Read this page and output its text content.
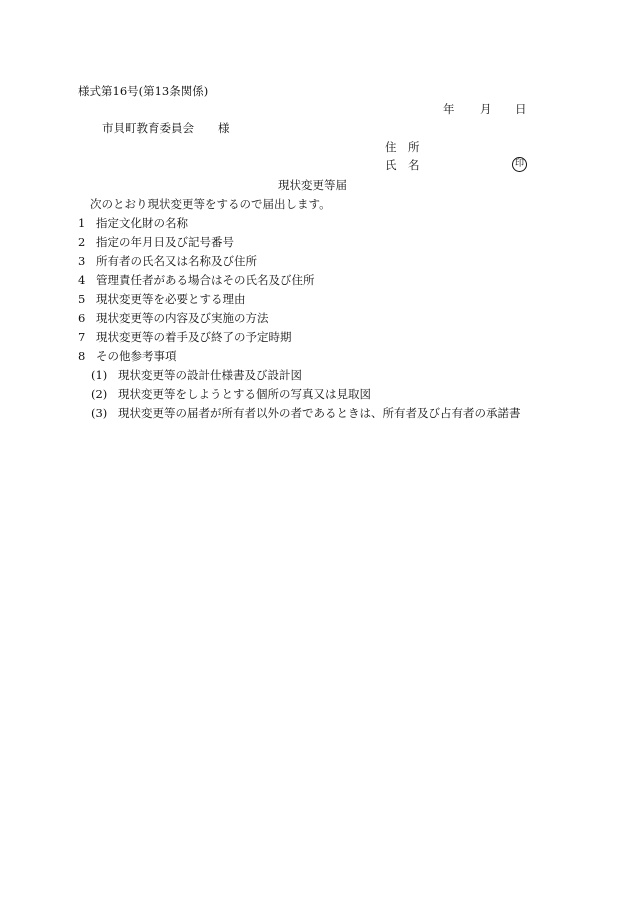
様式第16号(第13条関係)
年 月 日
市貝町教育委員会 様
住 所
氏 名	印
現状変更等届
次のとおり現状変更等をするので届出します。
1 指定文化財の名称
2 指定の年月日及び記号番号
3 所有者の氏名又は名称及び住所
4 管理責任者がある場合はその氏名及び住所
5 現状変更等を必要とする理由
6 現状変更等の内容及び実施の方法
7 現状変更等の着手及び終了の予定時期
8 その他参考事項
(1) 現状変更等の設計仕様書及び設計図
(2) 現状変更等をしようとする個所の写真又は見取図
(3) 現状変更等の届者が所有者以外の者であるときは、所有者及び占有者の承諾書
